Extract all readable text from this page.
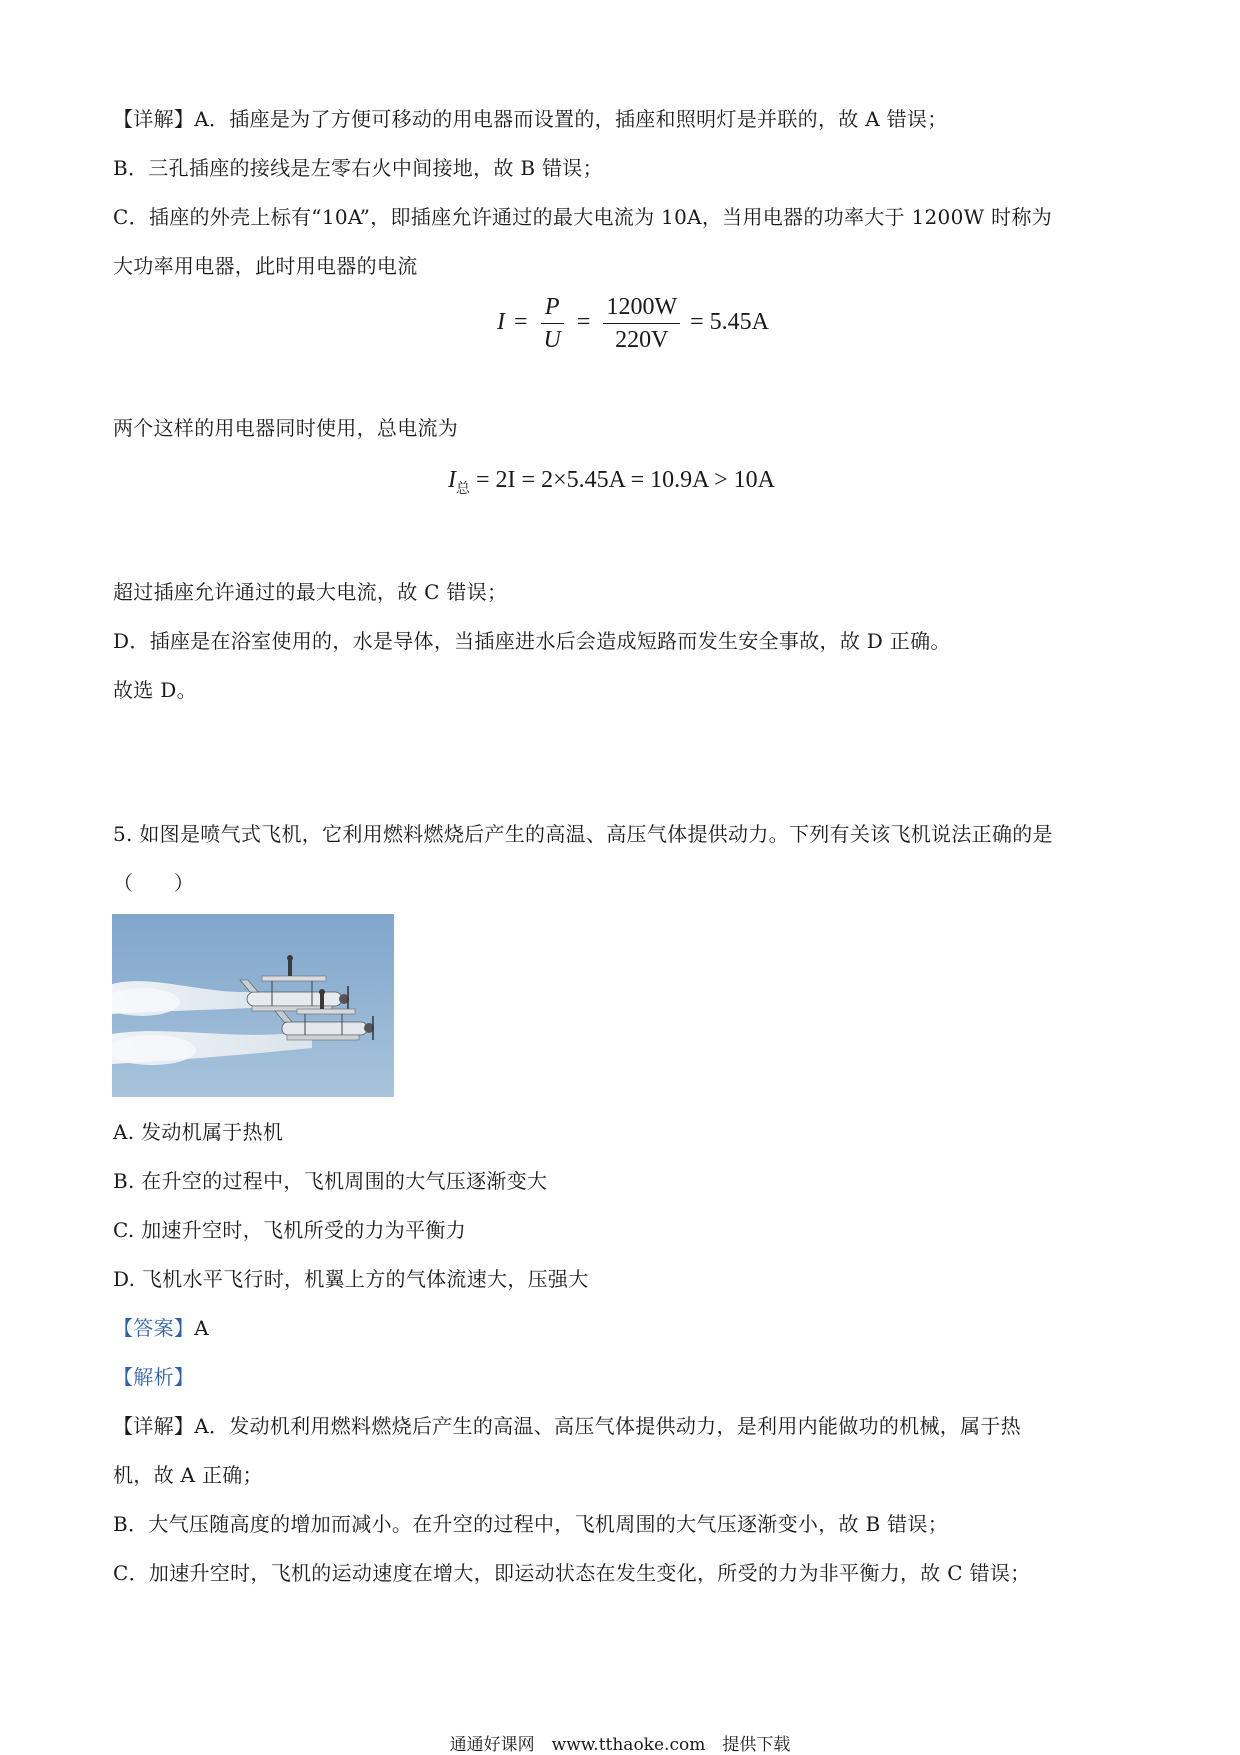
【详解】A．插座是为了方便可移动的用电器而设置的，插座和照明灯是并联的，故 A 错误；
B．三孔插座的接线是左零右火中间接地，故 B 错误；
C．插座的外壳上标有“10A”，即插座允许通过的最大电流为 10A，当用电器的功率大于 1200W 时称为
大功率用电器，此时用电器的电流
$I = \frac{P}{U} = \frac{1200W}{220V} = 5.45A$
两个这样的用电器同时使用，总电流为
$I_总 = 2I = 2\times 5.45A = 10.9A > 10A$
超过插座允许通过的最大电流，故 C 错误；
D．插座是在浴室使用的，水是导体，当插座进水后会造成短路而发生安全事故，故 D 正确。
故选 D。
5. 如图是喷气式飞机，它利用燃料燃烧后产生的高温、高压气体提供动力。下列有关该飞机说法正确的是
（　　）
A. 发动机属于热机
B. 在升空的过程中，飞机周围的大气压逐渐变大
C. 加速升空时，飞机所受的力为平衡力
D. 飞机水平飞行时，机翼上方的气体流速大，压强大
【答案】A
【解析】
【详解】A．发动机利用燃料燃烧后产生的高温、高压气体提供动力，是利用内能做功的机械，属于热
机，故 A 正确；
B．大气压随高度的增加而减小。在升空的过程中，飞机周围的大气压逐渐变小，故 B 错误；
C．加速升空时，飞机的运动速度在增大，即运动状态在发生变化，所受的力为非平衡力，故 C 错误；
通通好课网　www.tthaoke.com　提供下载
